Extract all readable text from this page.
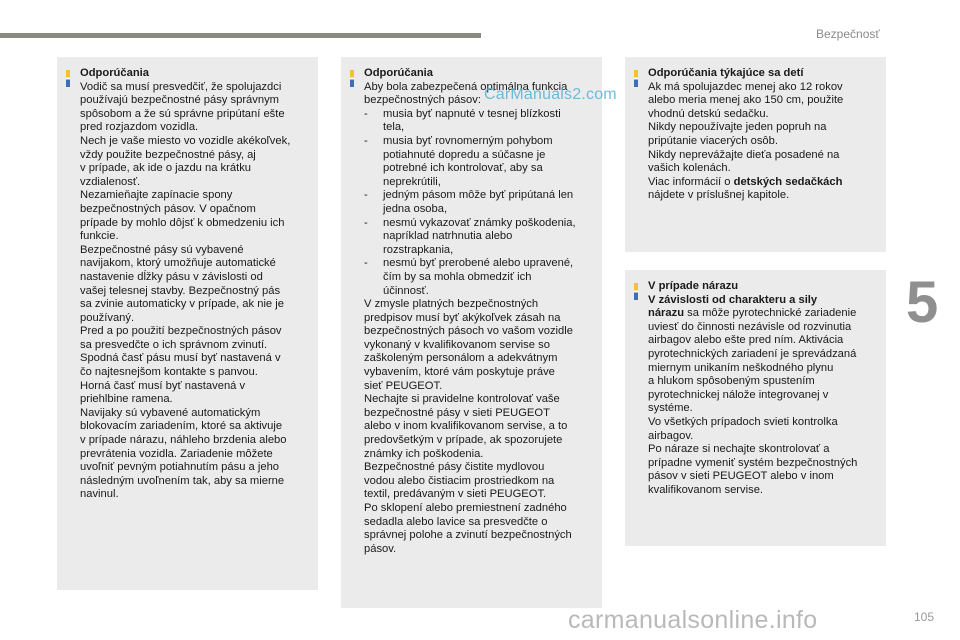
Bezpečnosť
5
Odporúčania
Vodič sa musí presvedčiť, že spolujazdci
používajú bezpečnostné pásy správnym
spôsobom a že sú správne pripútaní ešte
pred rozjazdom vozidla.
Nech je vaše miesto vo vozidle akékoľvek,
vždy použite bezpečnostné pásy, aj
v prípade, ak ide o jazdu na krátku
vzdialenosť.
Nezamieňajte zapínacie spony
bezpečnostných pásov. V opačnom
prípade by mohlo dôjsť k obmedzeniu ich
funkcie.
Bezpečnostné pásy sú vybavené
navijakom, ktorý umožňuje automatické
nastavenie dĺžky pásu v závislosti od
vašej telesnej stavby. Bezpečnostný pás
sa zvinie automaticky v prípade, ak nie je
používaný.
Pred a po použití bezpečnostných pásov
sa presvedčte o ich správnom zvinutí.
Spodná časť pásu musí byť nastavená v
čo najtesnejšom kontakte s panvou.
Horná časť musí byť nastavená v
priehlbine ramena.
Navijaky sú vybavené automatickým
blokovacím zariadením, ktoré sa aktivuje
v prípade nárazu, náhleho brzdenia alebo
prevrátenia vozidla. Zariadenie môžete
uvoľniť pevným potiahnutím pásu a jeho
následným uvoľnením tak, aby sa mierne
navinul.
Odporúčania
Aby bola zabezpečená optimálna funkcia
bezpečnostných pásov:
-	musia byť napnuté v tesnej blízkosti
tela,
-	musia byť rovnomerným pohybom
potiahnuté dopredu a súčasne je
potrebné ich kontrolovať, aby sa
neprekrútili,
-	jedným pásom môže byť pripútaná len
jedna osoba,
-	nesmú vykazovať známky poškodenia,
napríklad natrhnutia alebo
rozstrapkania,
-	nesmú byť prerobené alebo upravené,
čím by sa mohla obmedziť ich
účinnosť.
V zmysle platných bezpečnostných
predpisov musí byť akýkoľvek zásah na
bezpečnostných pásoch vo vašom vozidle
vykonaný v kvalifikovanom servise so
zaškoleným personálom a adekvátnym
vybavením, ktoré vám poskytuje práve
sieť PEUGEOT.
Nechajte si pravidelne kontrolovať vaše
bezpečnostné pásy v sieti PEUGEOT
alebo v inom kvalifikovanom servise, a to
predovšetkým v prípade, ak spozorujete
známky ich poškodenia.
Bezpečnostné pásy čistite mydlovou
vodou alebo čistiacim prostriedkom na
textil, predávaným v sieti PEUGEOT.
Po sklopení alebo premiestnení zadného
sedadla alebo lavice sa presvedčte o
správnej polohe a zvinutí bezpečnostných
pásov.
Odporúčania týkajúce sa detí
Ak má spolujazdec menej ako 12 rokov
alebo meria menej ako 150 cm, použite
vhodnú detskú sedačku.
Nikdy nepoužívajte jeden popruh na
pripútanie viacerých osôb.
Nikdy neprevážajte dieťa posadené na
vašich kolenách.
Viac informácií o detských sedačkách
nájdete v príslušnej kapitole.
V prípade nárazu
V závislosti od charakteru a sily
nárazu sa môže pyrotechnické zariadenie
uviesť do činnosti nezávisle od rozvinutia
airbagov alebo ešte pred ním. Aktivácia
pyrotechnických zariadení je sprevádzaná
miernym unikaním neškodného plynu
a hlukom spôsobeným spustením
pyrotechnickej nálože integrovanej v
systéme.
Vo všetkých prípadoch svieti kontrolka
airbagov.
Po náraze si nechajte skontrolovať a
prípadne vymeniť systém bezpečnostných
pásov v sieti PEUGEOT alebo v inom
kvalifikovanom servise.
CarManuals2.com
carmanualsonline.info	105
